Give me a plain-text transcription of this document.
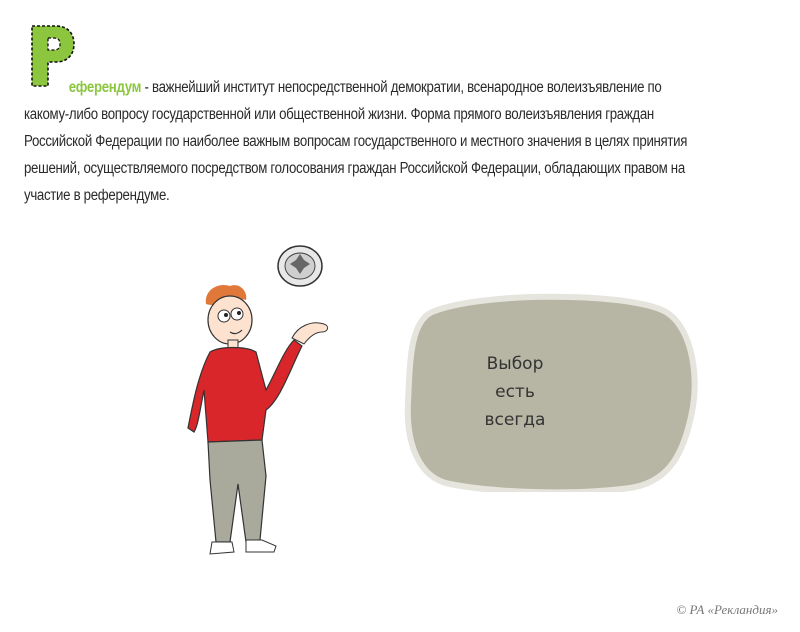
еферендум - важнейший институт непосредственной демократии, всенародное волеизъявление по
какому-либо вопросу государственной или общественной жизни. Форма прямого волеизъявления граждан
Российской Федерации по наиболее важным вопросам государственного и местного значения в целях принятия
решений, осуществляемого посредством голосования граждан Российской Федерации, обладающих правом на
участие в референдуме.
Выбор
есть
всегда
© РА «Рекландия»
